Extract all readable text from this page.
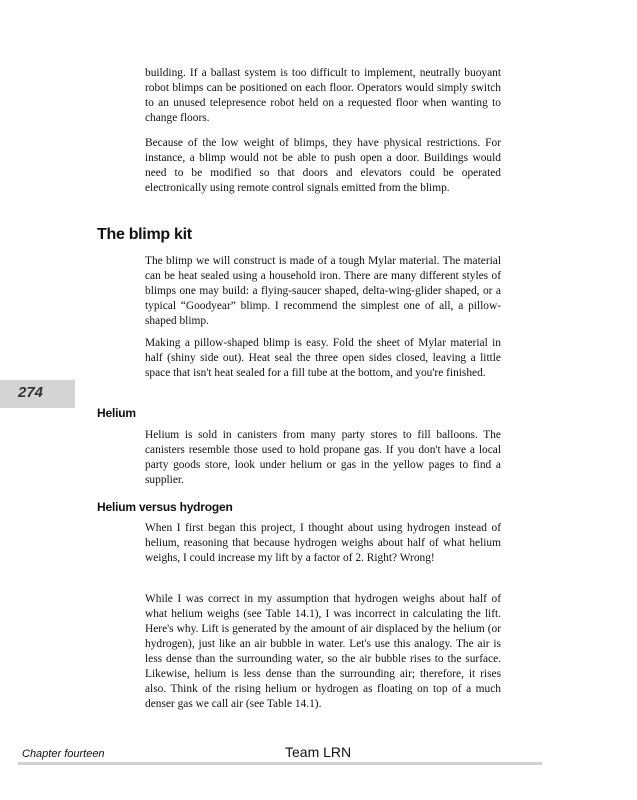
building. If a ballast system is too difficult to implement, neutrally buoyant robot blimps can be positioned on each floor. Operators would simply switch to an unused telepresence robot held on a requested floor when wanting to change floors.

Because of the low weight of blimps, they have physical restrictions. For instance, a blimp would not be able to push open a door. Buildings would need to be modified so that doors and elevators could be operated electronically using remote control signals emitted from the blimp.

The blimp kit

The blimp we will construct is made of a tough Mylar material. The material can be heat sealed using a household iron. There are many different styles of blimps one may build: a flying-saucer shaped, delta-wing-glider shaped, or a typical “Goodyear” blimp. I recommend the simplest one of all, a pillow-shaped blimp.

Making a pillow-shaped blimp is easy. Fold the sheet of Mylar material in half (shiny side out). Heat seal the three open sides closed, leaving a little space that isn't heat sealed for a fill tube at the bottom, and you're finished.

274
Helium

Helium is sold in canisters from many party stores to fill balloons. The canisters resemble those used to hold propane gas. If you don't have a local party goods store, look under helium or gas in the yellow pages to find a supplier.

Helium versus hydrogen

When I first began this project, I thought about using hydrogen instead of helium, reasoning that because hydrogen weighs about half of what helium weighs, I could increase my lift by a factor of 2. Right? Wrong!

While I was correct in my assumption that hydrogen weighs about half of what helium weighs (see Table 14.1), I was incorrect in calculating the lift. Here's why. Lift is generated by the amount of air displaced by the helium (or hydrogen), just like an air bubble in water. Let's use this analogy. The air is less dense than the surrounding water, so the air bubble rises to the surface. Likewise, helium is less dense than the surrounding air; therefore, it rises also. Think of the rising helium or hydrogen as floating on top of a much denser gas we call air (see Table 14.1).

Chapter fourteen	Team LRN
